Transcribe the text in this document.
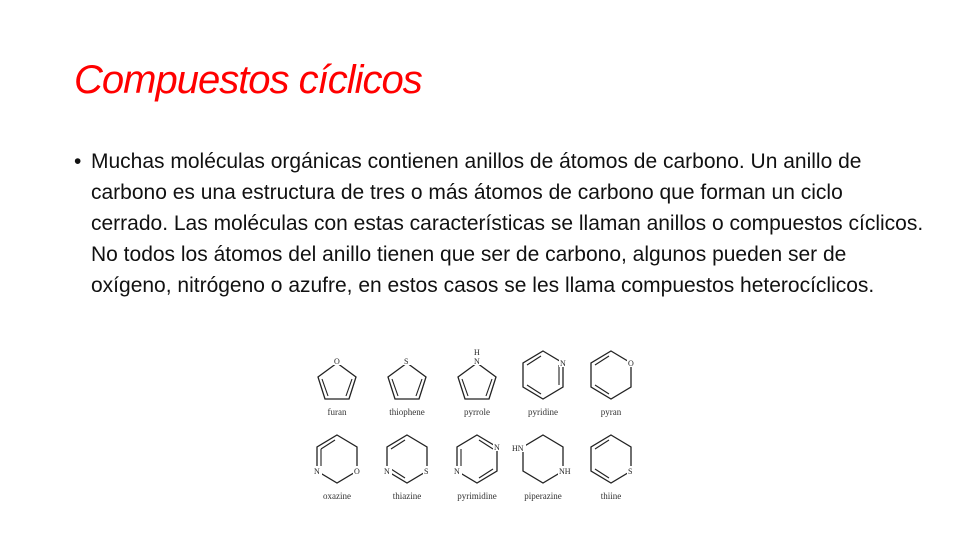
Compuestos cíclicos
• Muchas moléculas orgánicas contienen anillos de átomos de carbono. Un anillo de carbono es una estructura de tres o más átomos de carbono que forman un ciclo cerrado. Las moléculas con estas características se llaman anillos o compuestos cíclicos. No todos los átomos del anillo tienen que ser de carbono, algunos pueden ser de oxígeno, nitrógeno o azufre, en estos casos se les llama compuestos heterocíclicos.

O
furan
S
thiophene
H
N
pyrrole
N
pyridine
O
pyran
N	O
oxazine
N	S
thiazine
N
N
pyrimidine
HN
NH
piperazine
S
thiine
